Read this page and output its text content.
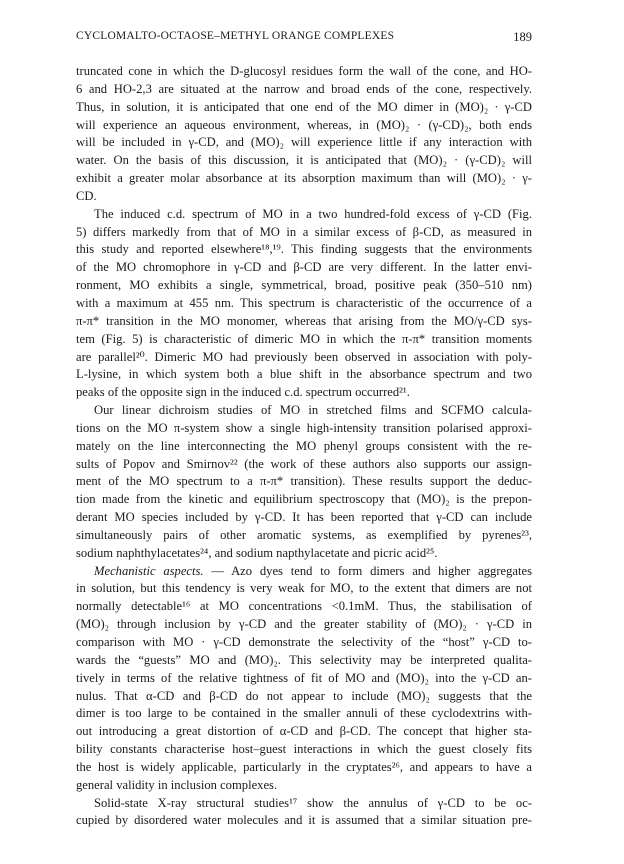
CYCLOMALTO-OCTAOSE–METHYL ORANGE COMPLEXES	189

truncated cone in which the D-glucosyl residues form the wall of the cone, and HO-
6 and HO-2,3 are situated at the narrow and broad ends of the cone, respectively.
Thus, in solution, it is anticipated that one end of the MO dimer in (MO)₂ · γ-CD
will experience an aqueous environment, whereas, in (MO)₂ · (γ-CD)₂, both ends
will be included in γ-CD, and (MO)₂ will experience little if any interaction with
water. On the basis of this discussion, it is anticipated that (MO)₂ · (γ-CD)₂ will
exhibit a greater molar absorbance at its absorption maximum than will (MO)₂ · γ-
CD.

The induced c.d. spectrum of MO in a two hundred-fold excess of γ-CD (Fig.
5) differs markedly from that of MO in a similar excess of β-CD, as measured in
this study and reported elsewhere¹⁸,¹⁹. This finding suggests that the environments
of the MO chromophore in γ-CD and β-CD are very different. In the latter envi-
ronment, MO exhibits a single, symmetrical, broad, positive peak (350–510 nm)
with a maximum at 455 nm. This spectrum is characteristic of the occurrence of a
π-π* transition in the MO monomer, whereas that arising from the MO/γ-CD sys-
tem (Fig. 5) is characteristic of dimeric MO in which the π-π* transition moments
are parallel²⁰. Dimeric MO had previously been observed in association with poly-
L-lysine, in which system both a blue shift in the absorbance spectrum and two
peaks of the opposite sign in the induced c.d. spectrum occurred²¹.

Our linear dichroism studies of MO in stretched films and SCFMO calcula-
tions on the MO π-system show a single high-intensity transition polarised approxi-
mately on the line interconnecting the MO phenyl groups consistent with the re-
sults of Popov and Smirnov²² (the work of these authors also supports our assign-
ment of the MO spectrum to a π-π* transition). These results support the deduc-
tion made from the kinetic and equilibrium spectroscopy that (MO)₂ is the prepon-
derant MO species included by γ-CD. It has been reported that γ-CD can include
simultaneously pairs of other aromatic systems, as exemplified by pyrenes²³,
sodium naphthylacetates²⁴, and sodium napthylacetate and picric acid²⁵.

Mechanistic aspects. — Azo dyes tend to form dimers and higher aggregates
in solution, but this tendency is very weak for MO, to the extent that dimers are not
normally detectable¹⁶ at MO concentrations <0.1mM. Thus, the stabilisation of
(MO)₂ through inclusion by γ-CD and the greater stability of (MO)₂ · γ-CD in
comparison with MO · γ-CD demonstrate the selectivity of the “host” γ-CD to-
wards the “guests” MO and (MO)₂. This selectivity may be interpreted qualita-
tively in terms of the relative tightness of fit of MO and (MO)₂ into the γ-CD an-
nulus. That α-CD and β-CD do not appear to include (MO)₂ suggests that the
dimer is too large to be contained in the smaller annuli of these cyclodextrins with-
out introducing a great distortion of α-CD and β-CD. The concept that higher sta-
bility constants characterise host–guest interactions in which the guest closely fits
the host is widely applicable, particularly in the cryptates²⁶, and appears to have a
general validity in inclusion complexes.

Solid-state X-ray structural studies¹⁷ show the annulus of γ-CD to be oc-
cupied by disordered water molecules and it is assumed that a similar situation pre-
